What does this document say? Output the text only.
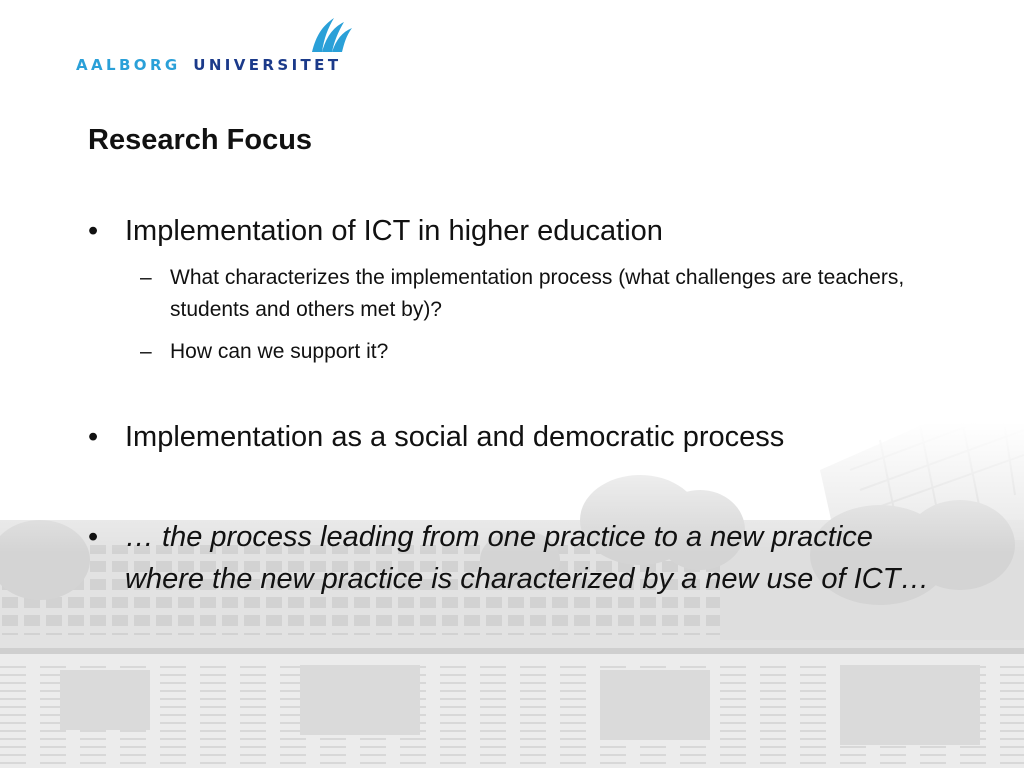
AALBORG UNIVERSITET
Research Focus
• Implementation of ICT in higher education
– What characterizes the implementation process (what challenges are teachers, students and others met by)?
– How can we support it?
• Implementation as a social and democratic process
• … the process leading from one practice to a new practice where the new practice is characterized by a new use of ICT…
